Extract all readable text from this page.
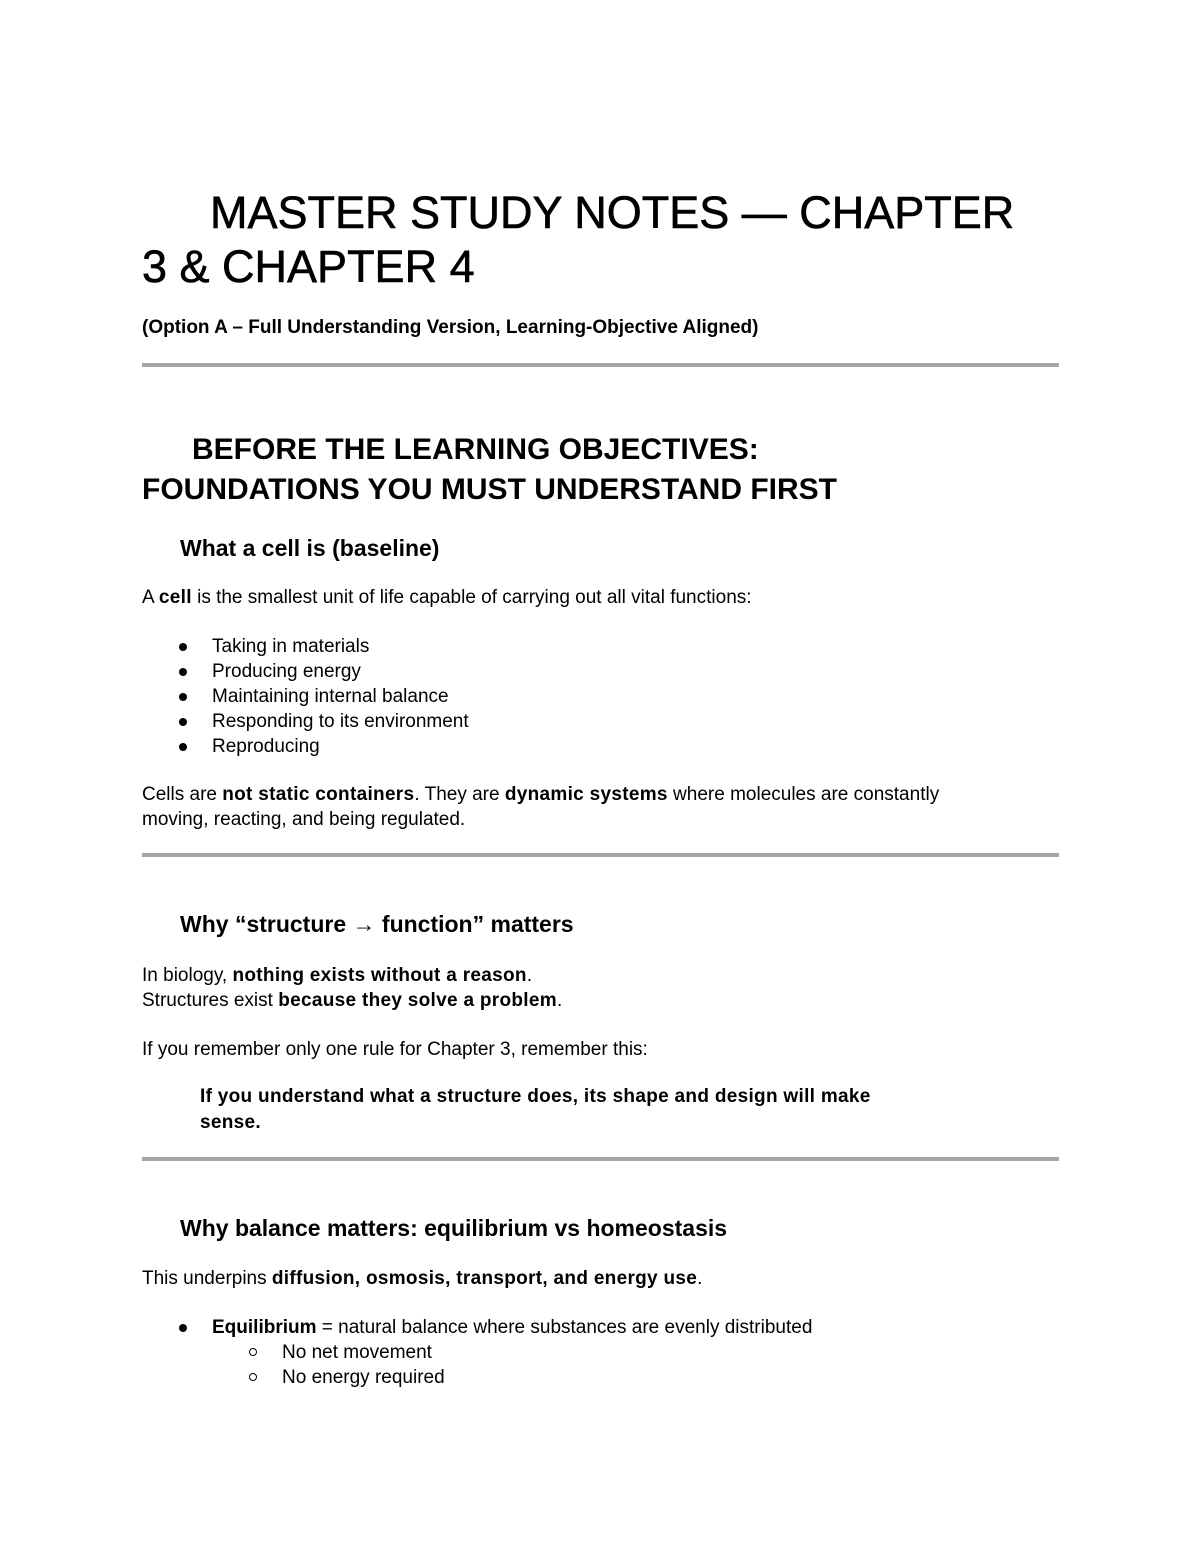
MASTER STUDY NOTES — CHAPTER
3 & CHAPTER 4
(Option A – Full Understanding Version, Learning-Objective Aligned)
BEFORE THE LEARNING OBJECTIVES:
FOUNDATIONS YOU MUST UNDERSTAND FIRST
What a cell is (baseline)

A cell is the smallest unit of life capable of carrying out all vital functions:

Taking in materials
Producing energy
Maintaining internal balance
Responding to its environment
Reproducing

Cells are not static containers. They are dynamic systems where molecules are constantly
moving, reacting, and being regulated.

Why “structure → function” matters

In biology, nothing exists without a reason.
Structures exist because they solve a problem.

If you remember only one rule for Chapter 3, remember this:

If you understand what a structure does, its shape and design will make
sense.

Why balance matters: equilibrium vs homeostasis

This underpins diffusion, osmosis, transport, and energy use.

Equilibrium = natural balance where substances are evenly distributed
No net movement
No energy required
